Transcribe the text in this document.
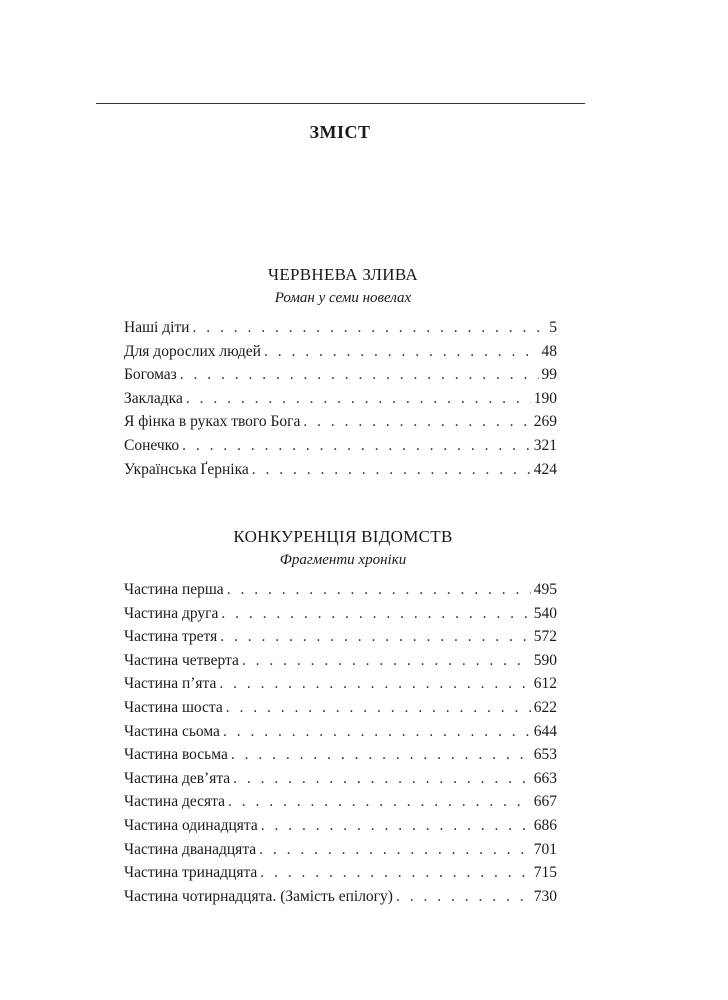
ЗМІСТ
ЧЕРВНЕВА ЗЛИВА
Роман у семи новелах
Наші діти . . .	5
Для дорослих людей . . .	48
Богомаз . . .	99
Закладка . . .	190
Я фінка в руках твого Бога . . .	269
Сонечко . . .	321
Українська Ґерніка . . .	424
КОНКУРЕНЦІЯ ВІДОМСТВ
Фрагменти хроніки
Частина перша . . .	495
Частина друга . . .	540
Частина третя . . .	572
Частина четверта . . .	590
Частина п’ята . . .	612
Частина шоста . . .	622
Частина сьома . . .	644
Частина восьма . . .	653
Частина дев’ята . . .	663
Частина десята . . .	667
Частина одинадцята . . .	686
Частина дванадцята . . .	701
Частина тринадцята . . .	715
Частина чотирнадцята. (Замість епілогу) . . .	730
